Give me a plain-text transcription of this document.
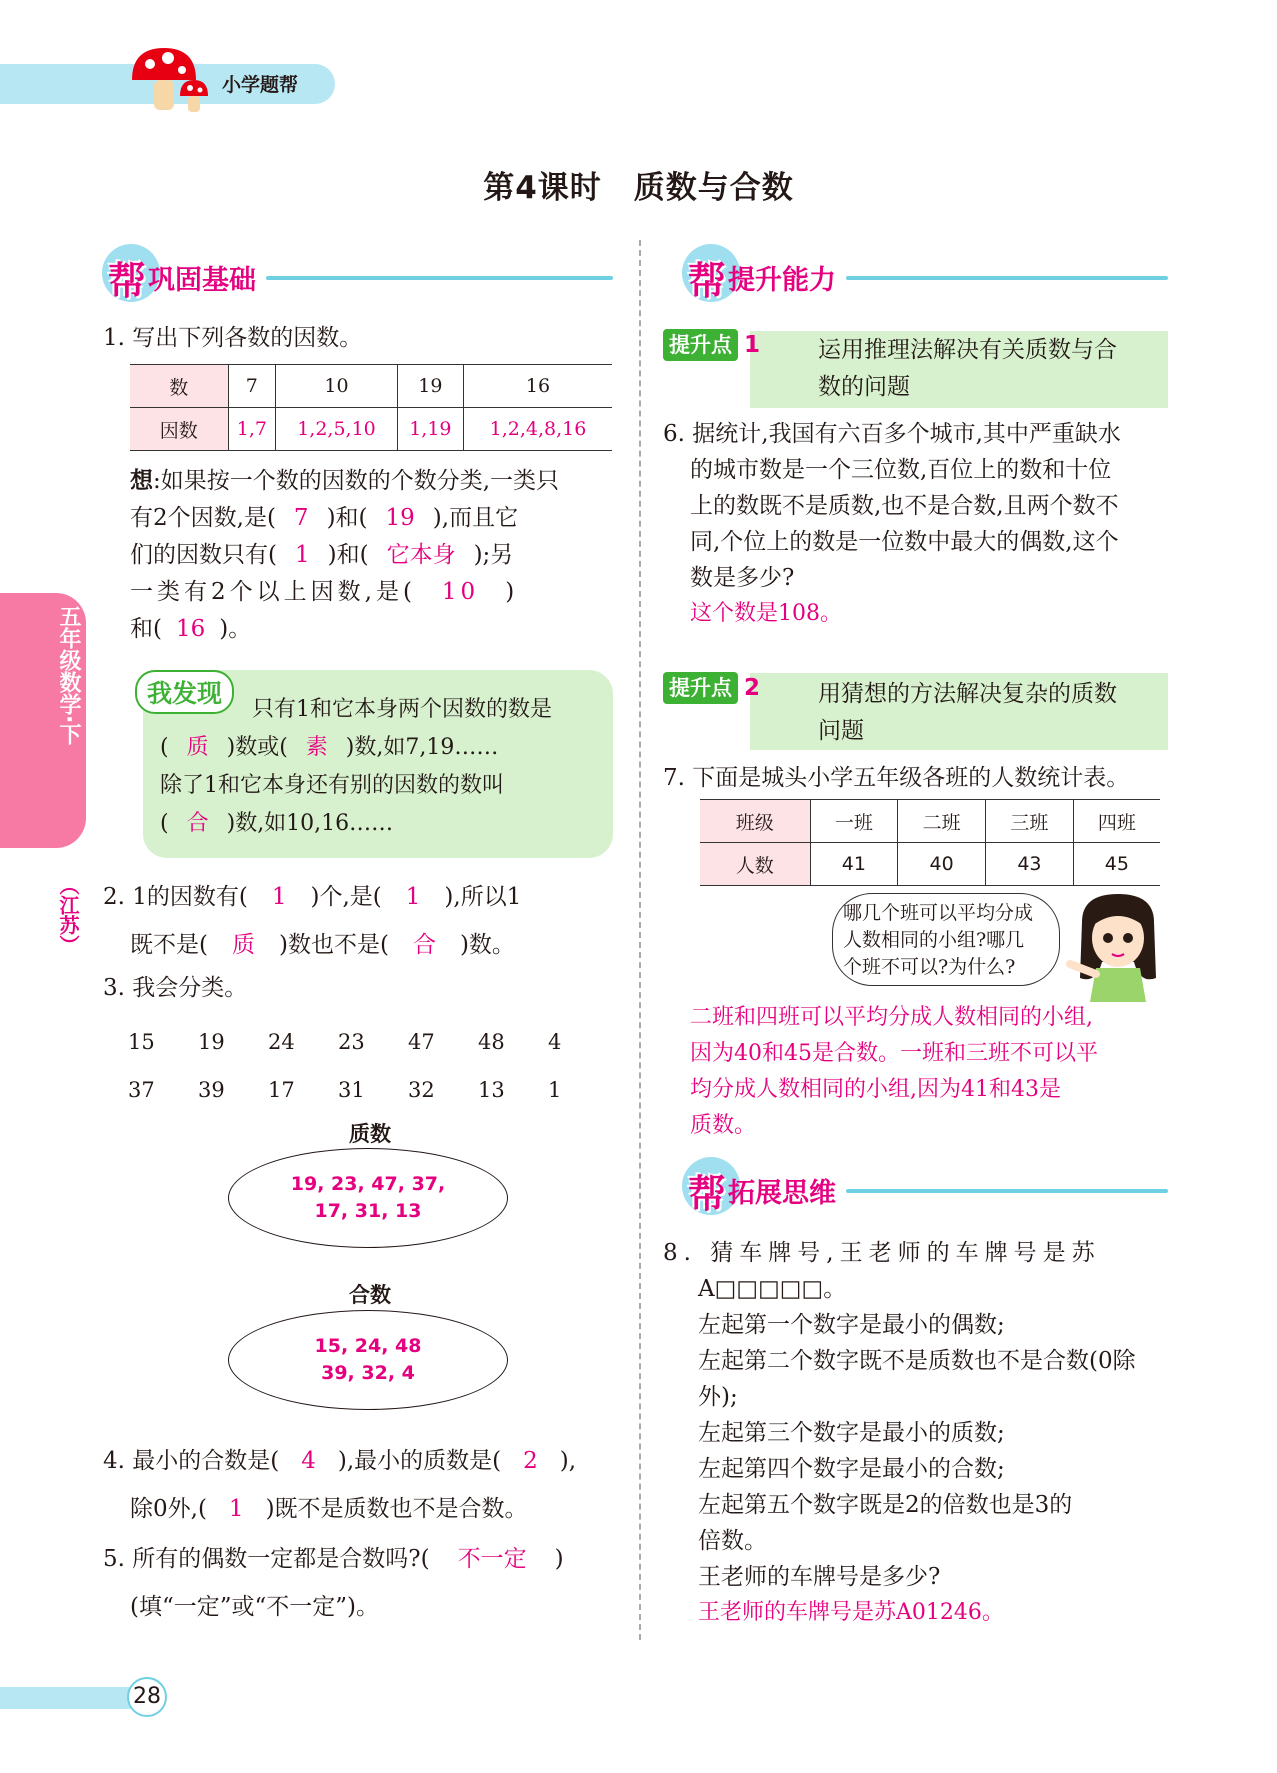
小学题帮
第4课时　质数与合数
五年级数学·下
（江苏）
帮 巩固基础
1. 写出下列各数的因数。
数	7	10	19	16
因数	1,7	1,2,5,10	1,19	1,2,4,8,16
想:如果按一个数的因数的个数分类,一类只
有2个因数,是( 7 )和( 19 ),而且它
们的因数只有( 1 )和( 它本身 );另
一类有2个以上因数,是( 10 )
和( 16 )。
我发现
只有1和它本身两个因数的数是
( 质 )数或( 素 )数,如7,19……
除了1和它本身还有别的因数的数叫
( 合 )数,如10,16……
2. 1的因数有( 1 )个,是( 1 ),所以1
既不是( 质 )数也不是( 合 )数。
3. 我会分类。
15	19	24	23	47	48	4
37	39	17	31	32	13	1
质数
19, 23, 47, 37,
17, 31, 13
合数
15, 24, 48
39, 32, 4
4. 最小的合数是( 4 ),最小的质数是( 2 ),
除0外,( 1 )既不是质数也不是合数。
5. 所有的偶数一定都是合数吗?( 不一定 )
(填“一定”或“不一定”)。
帮 提升能力
提升点 1	运用推理法解决有关质数与合
数的问题
6. 据统计,我国有六百多个城市,其中严重缺水
的城市数是一个三位数,百位上的数和十位
上的数既不是质数,也不是合数,且两个数不
同,个位上的数是一位数中最大的偶数,这个
数是多少?
这个数是108。
提升点 2	用猜想的方法解决复杂的质数
问题
7. 下面是城头小学五年级各班的人数统计表。
班级	一班	二班	三班	四班
人数	41	40	43	45
哪几个班可以平均分成
人数相同的小组?哪几
个班不可以?为什么?
二班和四班可以平均分成人数相同的小组,
因为40和45是合数。一班和三班不可以平
均分成人数相同的小组,因为41和43是
质数。
帮 拓展思维
8. 猜车牌号,王老师的车牌号是苏
A□□□□□。
左起第一个数字是最小的偶数;
左起第二个数字既不是质数也不是合数(0除
外);
左起第三个数字是最小的质数;
左起第四个数字是最小的合数;
左起第五个数字既是2的倍数也是3的
倍数。
王老师的车牌号是多少?
王老师的车牌号是苏A01246。
28
